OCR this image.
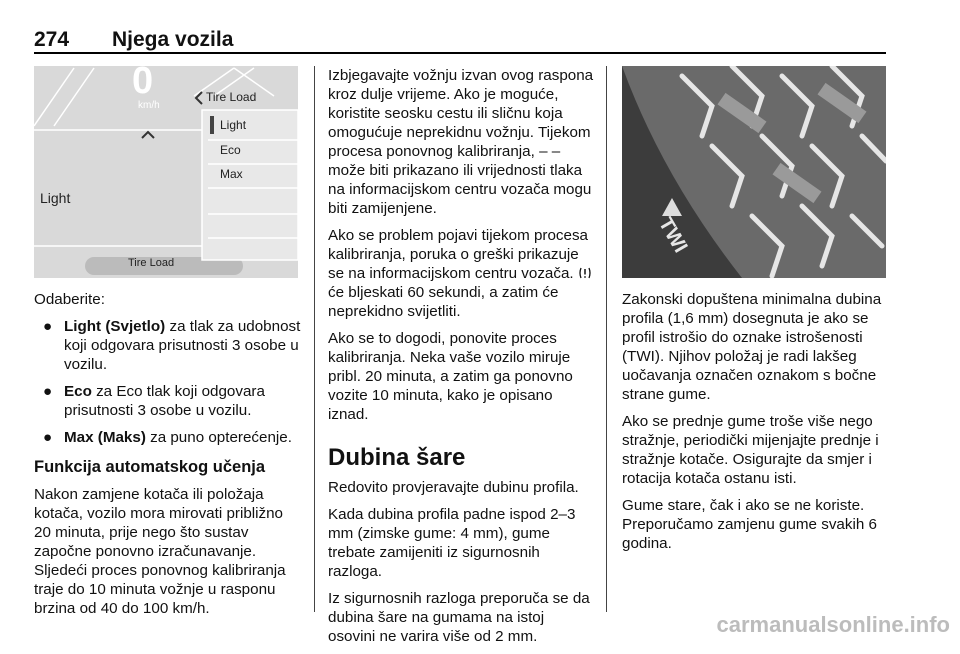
274 Njega vozila
0
km/h
Tire Load
Light
Light
Eco
Max
Tire Load

Odaberite:

● Light (Svjetlo) za tlak za udobnost koji odgovara prisutnosti 3 osobe u vozilu.
● Eco za Eco tlak koji odgovara prisutnosti 3 osobe u vozilu.
● Max (Maks) za puno opterećenje.
Funkcija automatskog učenja

Nakon zamjene kotača ili položaja kotača, vozilo mora mirovati približno 20 minuta, prije nego što sustav započne ponovno izračunavanje. Sljedeći proces ponovnog kalibriranja traje do 10 minuta vožnje u rasponu brzina od 40 do 100 km/h.

Izbjegavajte vožnju izvan ovog raspona kroz dulje vrijeme. Ako je moguće, koristite seosku cestu ili sličnu koja omogućuje neprekidnu vožnju. Tijekom procesa ponovnog kalibriranja, – – može biti prikazano ili vrijednosti tlaka na informacijskom centru vozača mogu biti zamijenjene.

Ako se problem pojavi tijekom procesa kalibriranja, poruka o greški prikazuje se na informacijskom centru vozača.  će bljeskati 60 sekundi, a zatim će neprekidno svijetliti.

Ako se to dogodi, ponovite proces kalibriranja. Neka vaše vozilo miruje pribl. 20 minuta, a zatim ga ponovno vozite 10 minuta, kako je opisano iznad.

Dubina šare

Redovito provjeravajte dubinu profila.

Kada dubina profila padne ispod 2–3 mm (zimske gume: 4 mm), gume trebate zamijeniti iz sigurnosnih razloga.

Iz sigurnosnih razloga preporuča se da dubina šare na gumama na istoj osovini ne varira više od 2 mm.

TWI

Zakonski dopuštena minimalna dubina profila (1,6 mm) dosegnuta je ako se profil istrošio do oznake istrošenosti (TWI). Njihov položaj je radi lakšeg uočavanja označen oznakom s bočne strane gume.

Ako se prednje gume troše više nego stražnje, periodički mijenjajte prednje i stražnje kotače. Osigurajte da smjer i rotacija kotača ostanu isti.

Gume stare, čak i ako se ne koriste. Preporučamo zamjenu gume svakih 6 godina.

carmanualsonline.info
